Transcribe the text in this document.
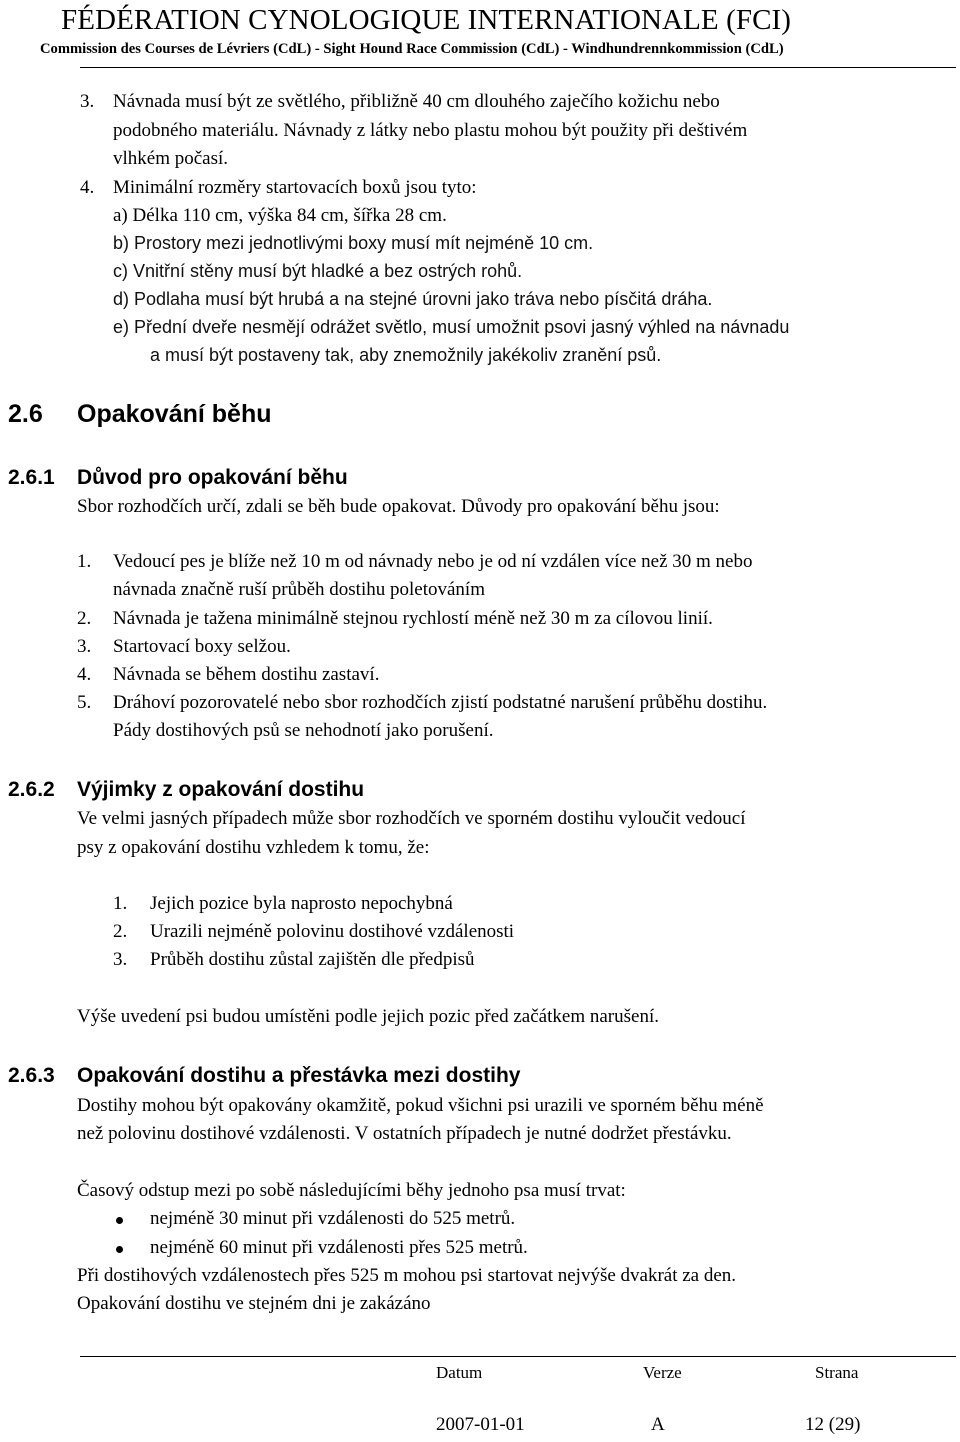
FÉDÉRATION CYNOLOGIQUE INTERNATIONALE (FCI)
Commission des Courses de Lévriers (CdL) - Sight Hound Race Commission (CdL) - Windhundrennkommission (CdL)
3. Návnada musí být ze světlého, přibližně 40 cm dlouhého zaječího kožichu nebo
podobného materiálu. Návnady z látky nebo plastu mohou být použity při deštivém
vlhkém počasí.
4. Minimální rozměry startovacích boxů jsou tyto:
a) Délka 110 cm, výška 84 cm, šířka 28 cm.
b) Prostory mezi jednotlivými boxy musí mít nejméně 10 cm.
c) Vnitřní stěny musí být hladké a bez ostrých rohů.
d) Podlaha musí být hrubá a na stejné úrovni jako tráva nebo písčitá dráha.
e) Přední dveře nesmějí odrážet světlo, musí umožnit psovi jasný výhled na návnadu
a musí být postaveny tak, aby znemožnily jakékoliv zranění psů.
2.6 Opakování běhu
2.6.1 Důvod pro opakování běhu
Sbor rozhodčích určí, zdali se běh bude opakovat. Důvody pro opakování běhu jsou:
1. Vedoucí pes je blíže než 10 m od návnady nebo je od ní vzdálen více než 30 m nebo
návnada značně ruší průběh dostihu poletováním
2. Návnada je tažena minimálně stejnou rychlostí méně než 30 m za cílovou linií.
3. Startovací boxy selžou.
4. Návnada se během dostihu zastaví.
5. Dráhoví pozorovatelé nebo sbor rozhodčích zjistí podstatné narušení průběhu dostihu.
Pády dostihových psů se nehodnotí jako porušení.
2.6.2 Výjimky z opakování dostihu
Ve velmi jasných případech může sbor rozhodčích ve sporném dostihu vyloučit vedoucí
psy z opakování dostihu vzhledem k tomu, že:
1. Jejich pozice byla naprosto nepochybná
2. Urazili nejméně polovinu dostihové vzdálenosti
3. Průběh dostihu zůstal zajištěn dle předpisů
Výše uvedení psi budou umístěni podle jejich pozic před začátkem narušení.
2.6.3 Opakování dostihu a přestávka mezi dostihy
Dostihy mohou být opakovány okamžitě, pokud všichni psi urazili ve sporném běhu méně
než polovinu dostihové vzdálenosti. V ostatních případech je nutné dodržet přestávku.
Časový odstup mezi po sobě následujícími běhy jednoho psa musí trvat:
nejméně 30 minut při vzdálenosti do 525 metrů.
nejméně 60 minut při vzdálenosti přes 525 metrů.
Při dostihových vzdálenostech přes 525 m mohou psi startovat nejvýše dvakrát za den.
Opakování dostihu ve stejném dni je zakázáno
Datum	Verze	Strana
2007-01-01	A	12 (29)
